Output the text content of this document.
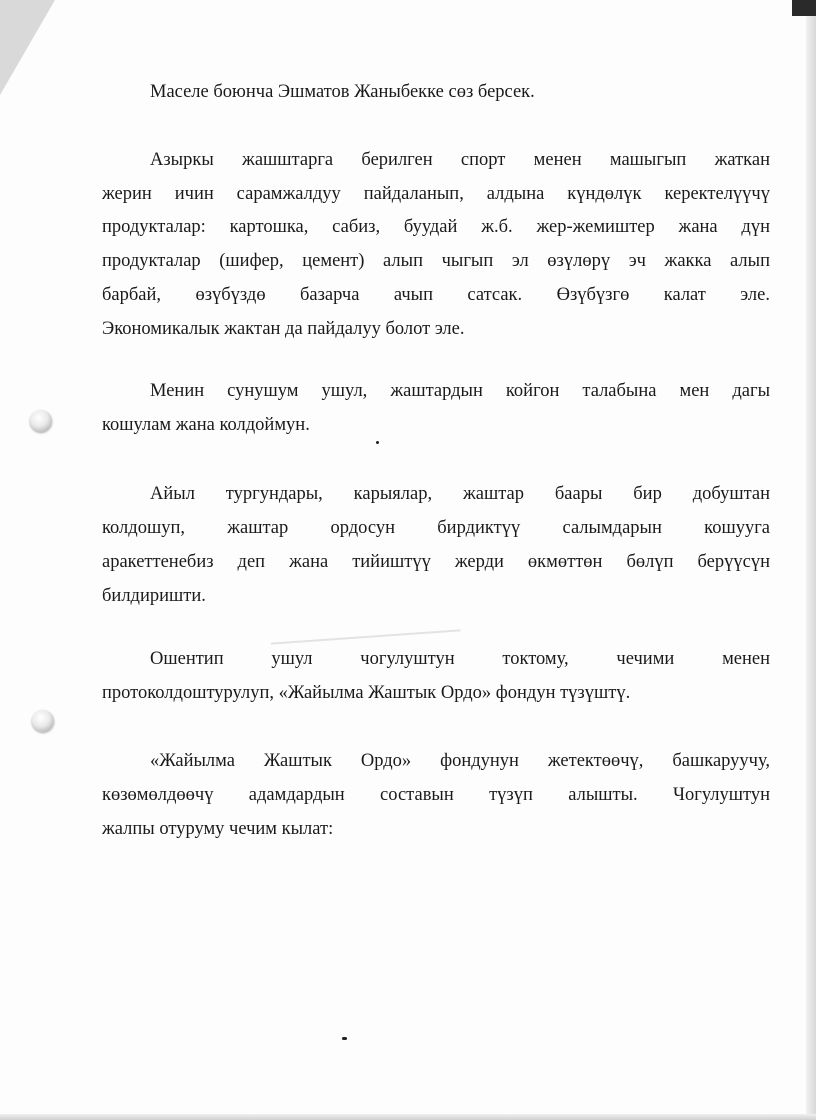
Маселе боюнча Эшматов Жаныбекке сөз берсек.
Азыркы жашштарга берилген спорт менен машыгып жаткан
жерин ичин сарамжалдуу пайдаланып, алдына күндөлүк керектелүүчү
продукталар: картошка, сабиз, буудай ж.б. жер-жемиштер жана дүн
продукталар (шифер, цемент) алып чыгып эл өзүлөрү эч жакка алып
барбай, өзүбүздө базарча ачып сатсак. Өзүбүзгө калат эле.
Экономикалык жактан да пайдалуу болот эле.
Менин сунушум ушул, жаштардын койгон талабына мен дагы
кошулам жана колдоймун.
Айыл тургундары, карыялар, жаштар баары бир добуштан
колдошуп, жаштар ордосун бирдиктүү салымдарын кошууга
аракеттенебиз деп жана тийиштүү жерди өкмөттөн бөлүп берүүсүн
билдиришти.
Ошентип ушул чогулуштун токтому, чечими менен
протоколдоштурулуп, «Жайылма Жаштык Ордо» фондун түзүштү.
«Жайылма Жаштык Ордо» фондунун жетектөөчү, башкаруучу,
көзөмөлдөөчү адамдардын составын түзүп алышты. Чогулуштун
жалпы отуруму чечим кылат:
